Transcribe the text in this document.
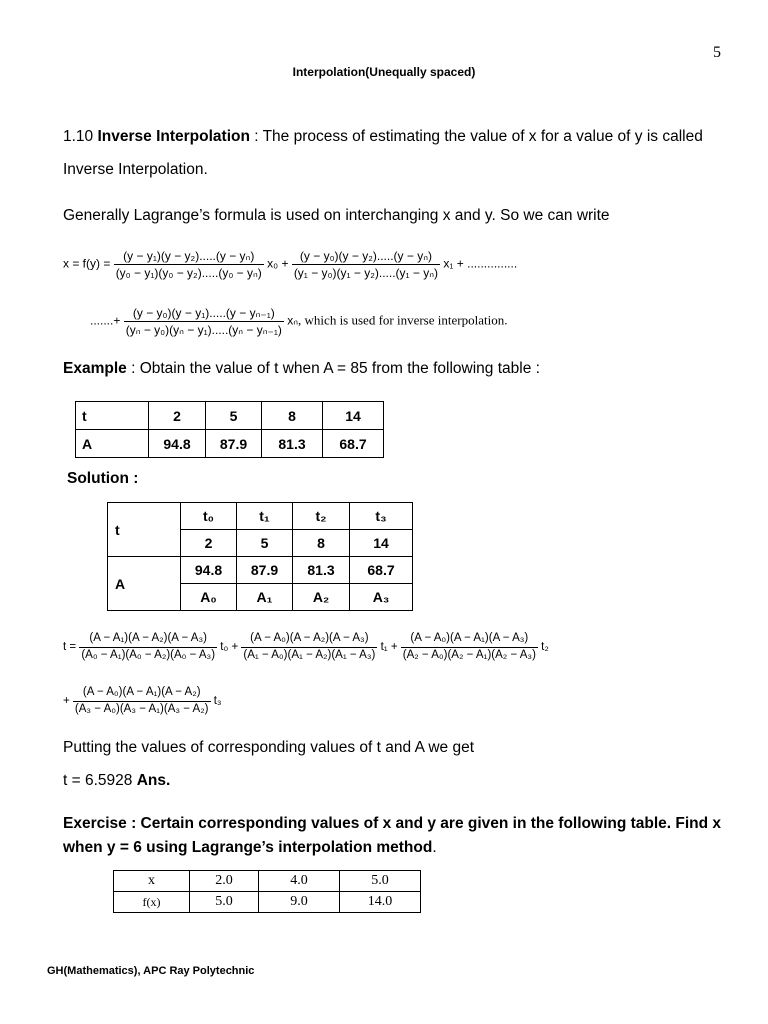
5
Interpolation(Unequally spaced)
1.10 Inverse Interpolation : The process of estimating the value of x for a value of y is called
Inverse Interpolation.
Generally Lagrange’s formula is used on interchanging x and y. So we can write
$x = f(y) = \frac{\text{(y − y₁)(y − y₂).....(y − yₙ)}}{\text{(y₀ − y₁)(y₀ − y₂).....(y₀ − yₙ)}} x_0 + \frac{\text{(y − y₀)(y − y₂).....(y − yₙ)}}{\text{(y₁ − y₀)(y₁ − y₂).....(y₁ − yₙ)}} x_1$ + ...............
.......+ $\frac{\text{(y − y₀)(y − y₁).....(y − yₙ₋₁)}}{\text{(yₙ − y₀)(yₙ − y₁).....(yₙ − yₙ₋₁)}} x_n$, which is used for inverse interpolation.
Example : Obtain the value of t when A = 85 from the following table :
t	2	5	8	14
A	94.8	87.9	81.3	68.7
Solution :
t	t₀	t₁	t₂	t₃
	2	5	8	14
A	94.8	87.9	81.3	68.7
	A₀	A₁	A₂	A₃
$t = \frac{\text{(A − A₁)(A − A₂)(A − A₃)}}{\text{(A₀ − A₁)(A₀ − A₂)(A₀ − A₃)}} t_0 + \frac{\text{(A − A₀)(A − A₂)(A − A₃)}}{\text{(A₁ − A₀)(A₁ − A₂)(A₁ − A₃)}} t_1 + \frac{\text{(A − A₀)(A − A₁)(A − A₃)}}{\text{(A₂ − A₀)(A₂ − A₁)(A₂ − A₃)}} t_2$
+ $\frac{\text{(A − A₀)(A − A₁)(A − A₂)}}{\text{(A₃ − A₀)(A₃ − A₁)(A₃ − A₂)}} t_3$
Putting the values of corresponding values of t and A we get
t = 6.5928 Ans.
Exercise : Certain corresponding values of x and y are given in the following table. Find x
when y = 6 using Lagrange’s interpolation method.
x	2.0	4.0	5.0
f(x)	5.0	9.0	14.0
GH(Mathematics), APC Ray Polytechnic
